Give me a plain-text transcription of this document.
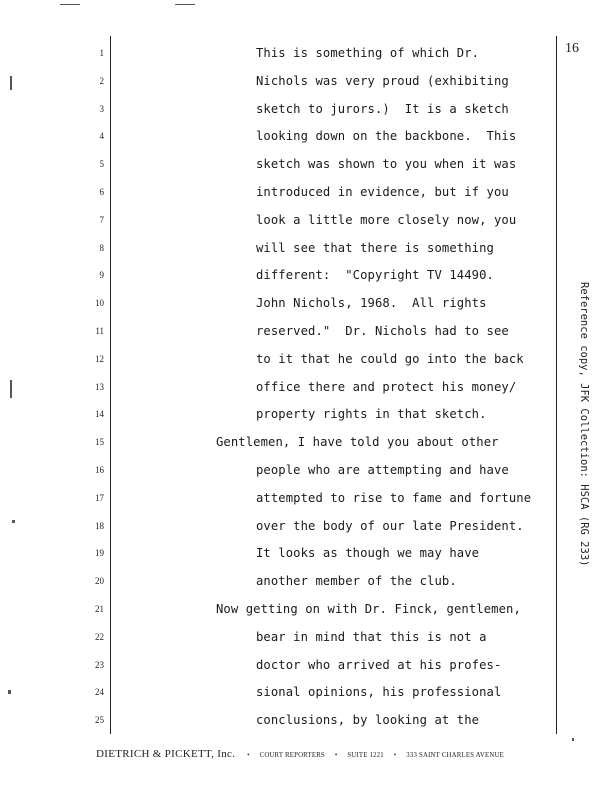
16
1	This is something of which Dr.
2	Nichols was very proud (exhibiting
3	sketch to jurors.)  It is a sketch
4	looking down on the backbone.  This
5	sketch was shown to you when it was
6	introduced in evidence, but if you
7	look a little more closely now, you
8	will see that there is something
9	different:  "Copyright TV 14490.
10	John Nichols, 1968.  All rights
11	reserved."  Dr. Nichols had to see
12	to it that he could go into the back
13	office there and protect his money/
14	property rights in that sketch.
15	Gentlemen, I have told you about other
16	people who are attempting and have
17	attempted to rise to fame and fortune
18	over the body of our late President.
19	It looks as though we may have
20	another member of the club.
21	Now getting on with Dr. Finck, gentlemen,
22	bear in mind that this is not a
23	doctor who arrived at his profes-
24	sional opinions, his professional
25	conclusions, by looking at the
DIETRICH & PICKETT, Inc. • COURT REPORTERS • SUITE 1221 • 333 SAINT CHARLES AVENUE
Reference copy, JFK Collection: HSCA (RG 233)
